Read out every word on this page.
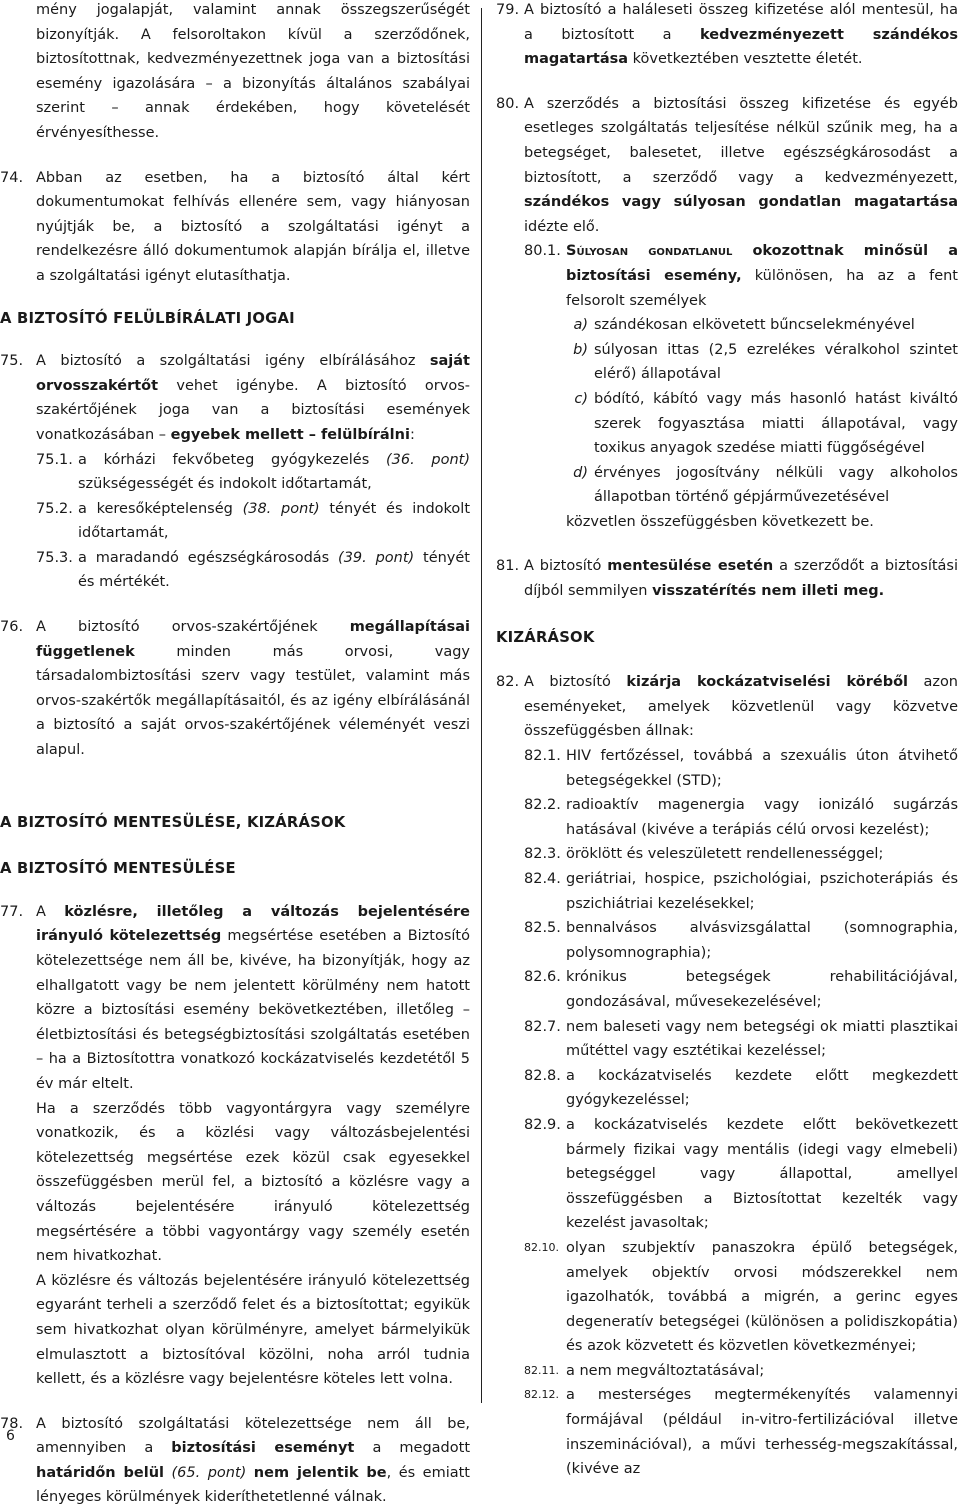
mény jogalapját, valamint annak összegszerűségét bizonyítják. A felsoroltakon kívül a szerződőnek, biztosítottnak, kedvezményezettnek joga van a biztosítási esemény igazolására – a bizonyítás általános szabályai szerint – annak érdekében, hogy követelését érvényesíthesse.

74. Abban az esetben, ha a biztosító által kért dokumentumokat felhívás ellenére sem, vagy hiányosan nyújtják be, a biztosító a szolgáltatási igényt a rendelkezésre álló dokumentumok alapján bírálja el, illetve a szolgáltatási igényt elutasíthatja.

A BIZTOSÍTÓ FELÜLBÍRÁLATI JOGAI

75. A biztosító a szolgáltatási igény elbírálásához saját orvosszakértőt vehet igénybe. A biztosító orvos-szakértőjének joga van a biztosítási események vonatkozásában – egyebek mellett – felülbírálni:

75.1. a kórházi fekvőbeteg gyógykezelés (36. pont) szükségességét és indokolt időtartamát,

75.2. a keresőképtelenség (38. pont) tényét és indokolt időtartamát,

75.3. a maradandó egészségkárosodás (39. pont) tényét és mértékét.

76. A biztosító orvos-szakértőjének megállapításai függetlenek minden más orvosi, vagy társadalombiztosítási szerv vagy testület, valamint más orvos-szakértők megállapításaitól, és az igény elbírálásánál a biztosító a saját orvos-szakértőjének véleményét veszi alapul.

A BIZTOSÍTÓ MENTESÜLÉSE, KIZÁRÁSOK

A BIZTOSÍTÓ MENTESÜLÉSE

77. A közlésre, illetőleg a változás bejelentésére irányuló kötelezettség megsértése esetében a Biztosító kötelezettsége nem áll be, kivéve, ha bizonyítják, hogy az elhallgatott vagy be nem jelentett körülmény nem hatott közre a biztosítási esemény bekövetkeztében, illetőleg – életbiztosítási és betegségbiztosítási szolgáltatás esetében – ha a Biztosítottra vonatkozó kockázatviselés kezdetétől 5 év már eltelt.

Ha a szerződés több vagyontárgyra vagy személyre vonatkozik, és a közlési vagy változásbejelentési kötelezettség megsértése ezek közül csak egyesekkel összefüggésben merül fel, a biztosító a közlésre vagy a változás bejelentésére irányuló kötelezettség megsértésére a többi vagyontárgy vagy személy esetén nem hivatkozhat.

A közlésre és változás bejelentésére irányuló kötelezettség egyaránt terheli a szerződő felet és a biztosítottat; egyikük sem hivatkozhat olyan körülményre, amelyet bármelyikük elmulasztott a biztosítóval közölni, noha arról tudnia kellett, és a közlésre vagy bejelentésre köteles lett volna.

78. A biztosító szolgáltatási kötelezettsége nem áll be, amennyiben a biztosítási eseményt a megadott határidőn belül (65. pont) nem jelentik be, és emiatt lényeges körülmények kideríthetetlenné válnak.

79. A biztosító a haláleseti összeg kifizetése alól mentesül, ha a biztosított a kedvezményezett szándékos magatartása következtében vesztette életét.

80. A szerződés a biztosítási összeg kifizetése és egyéb esetleges szolgáltatás teljesítése nélkül szűnik meg, ha a betegséget, balesetet, illetve egészségkárosodást a biztosított, a szerződő vagy a kedvezményezett, szándékos vagy súlyosan gondatlan magatartása idézte elő.

80.1. Súlyosan gondatlanul okozottnak minősül a biztosítási esemény, különösen, ha az a fent felsorolt személyek

a) szándékosan elkövetett bűncselekményével

b) súlyosan ittas (2,5 ezrelékes véralkohol szintet elérő) állapotával

c) bódító, kábító vagy más hasonló hatást kiváltó szerek fogyasztása miatti állapotával, vagy toxikus anyagok szedése miatti függőségével

d) érvényes jogosítvány nélküli vagy alkoholos állapotban történő gépjárművezetésével

közvetlen összefüggésben következett be.

81. A biztosító mentesülése esetén a szerződőt a biztosítási díjból semmilyen visszatérítés nem illeti meg.

KIZÁRÁSOK

82. A biztosító kizárja kockázatviselési köréből azon eseményeket, amelyek közvetlenül vagy közvetve összefüggésben állnak:

82.1. HIV fertőzéssel, továbbá a szexuális úton átvihető betegségekkel (STD);

82.2. radioaktív magenergia vagy ionizáló sugárzás hatásával (kivéve a terápiás célú orvosi kezelést);

82.3. öröklött és veleszületett rendellenességgel;

82.4. geriátriai, hospice, pszichológiai, pszichoterápiás és pszichiátriai kezelésekkel;

82.5. bennalvásos alvásvizsgálattal (somnographia, polysomnographia);

82.6. krónikus betegségek rehabilitációjával, gondozásával, művesekezelésével;

82.7. nem baleseti vagy nem betegségi ok miatti plasztikai műtéttel vagy esztétikai kezeléssel;

82.8. a kockázatviselés kezdete előtt megkezdett gyógykezeléssel;

82.9. a kockázatviselés kezdete előtt bekövetkezett bármely fizikai vagy mentális (idegi vagy elmebeli) betegséggel vagy állapottal, amellyel összefüggésben a Biztosítottat kezelték vagy kezelést javasoltak;

82.10. olyan szubjektív panaszokra épülő betegségek, amelyek objektív orvosi módszerekkel nem igazolhatók, továbbá a migrén, a gerinc egyes degeneratív betegségei (különösen a polidiszkopátia) és azok közvetett és közvetlen következményei;

82.11. a nem megváltoztatásával;

82.12. a mesterséges megtermékenyítés valamennyi formájával (például in-vitro-fertilizációval illetve inszeminációval), a művi terhesség-megszakítással, (kivéve az

6
